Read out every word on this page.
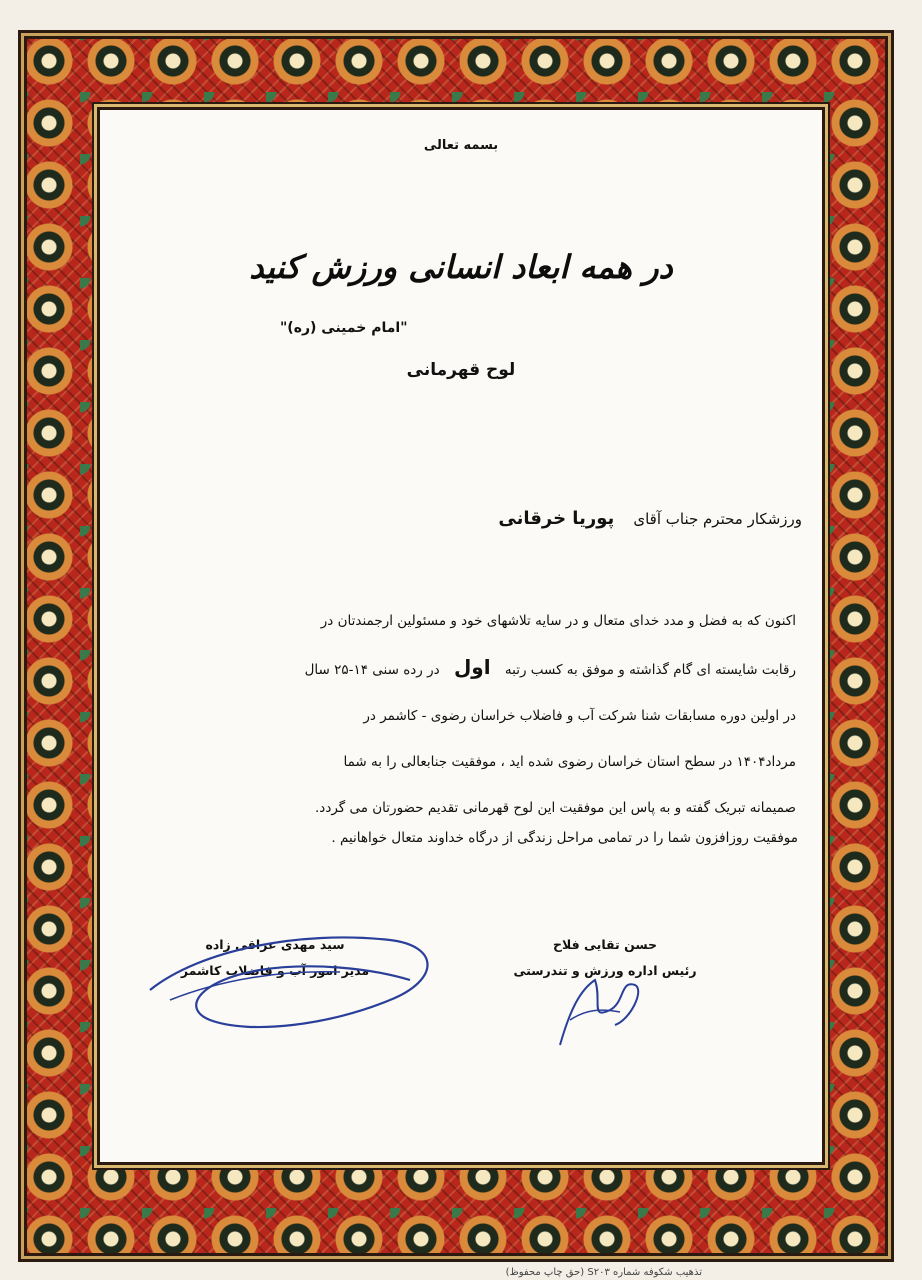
بسمه تعالی
در همه ابعاد انسانی ورزش کنید
"امام خمینی (ره)"
لوح قهرمانی
ورزشکار محترم جناب آقای    پوریا خرقانی

اکنون که به فضل و مدد خدای متعال و در سایه تلاشهای خود و مسئولین ارجمندتان در

رقابت شایسته ای گام گذاشته و موفق به کسب رتبه اول در رده سنی ۱۴-۲۵ سال

در اولین دوره مسابقات شنا شرکت آب و فاضلاب خراسان رضوی - کاشمر در

مرداد۱۴۰۴ در سطح استان خراسان رضوی شده اید ، موفقیت جنابعالی را به شما

صمیمانه تبریک گفته و به پاس این موفقیت این لوح قهرمانی تقدیم حضورتان می گردد.

موفقیت روزافزون شما را در تمامی مراحل زندگی از درگاه خداوند متعال خواهانیم .
سید مهدی عراقی زاده
مدیر امور آب و فاضلاب کاشمر
حسن تقایی فلاح
رئیس اداره ورزش و تندرستی
تذهیب شکوفه شماره S۲۰۳ (حق چاپ محفوظ)
